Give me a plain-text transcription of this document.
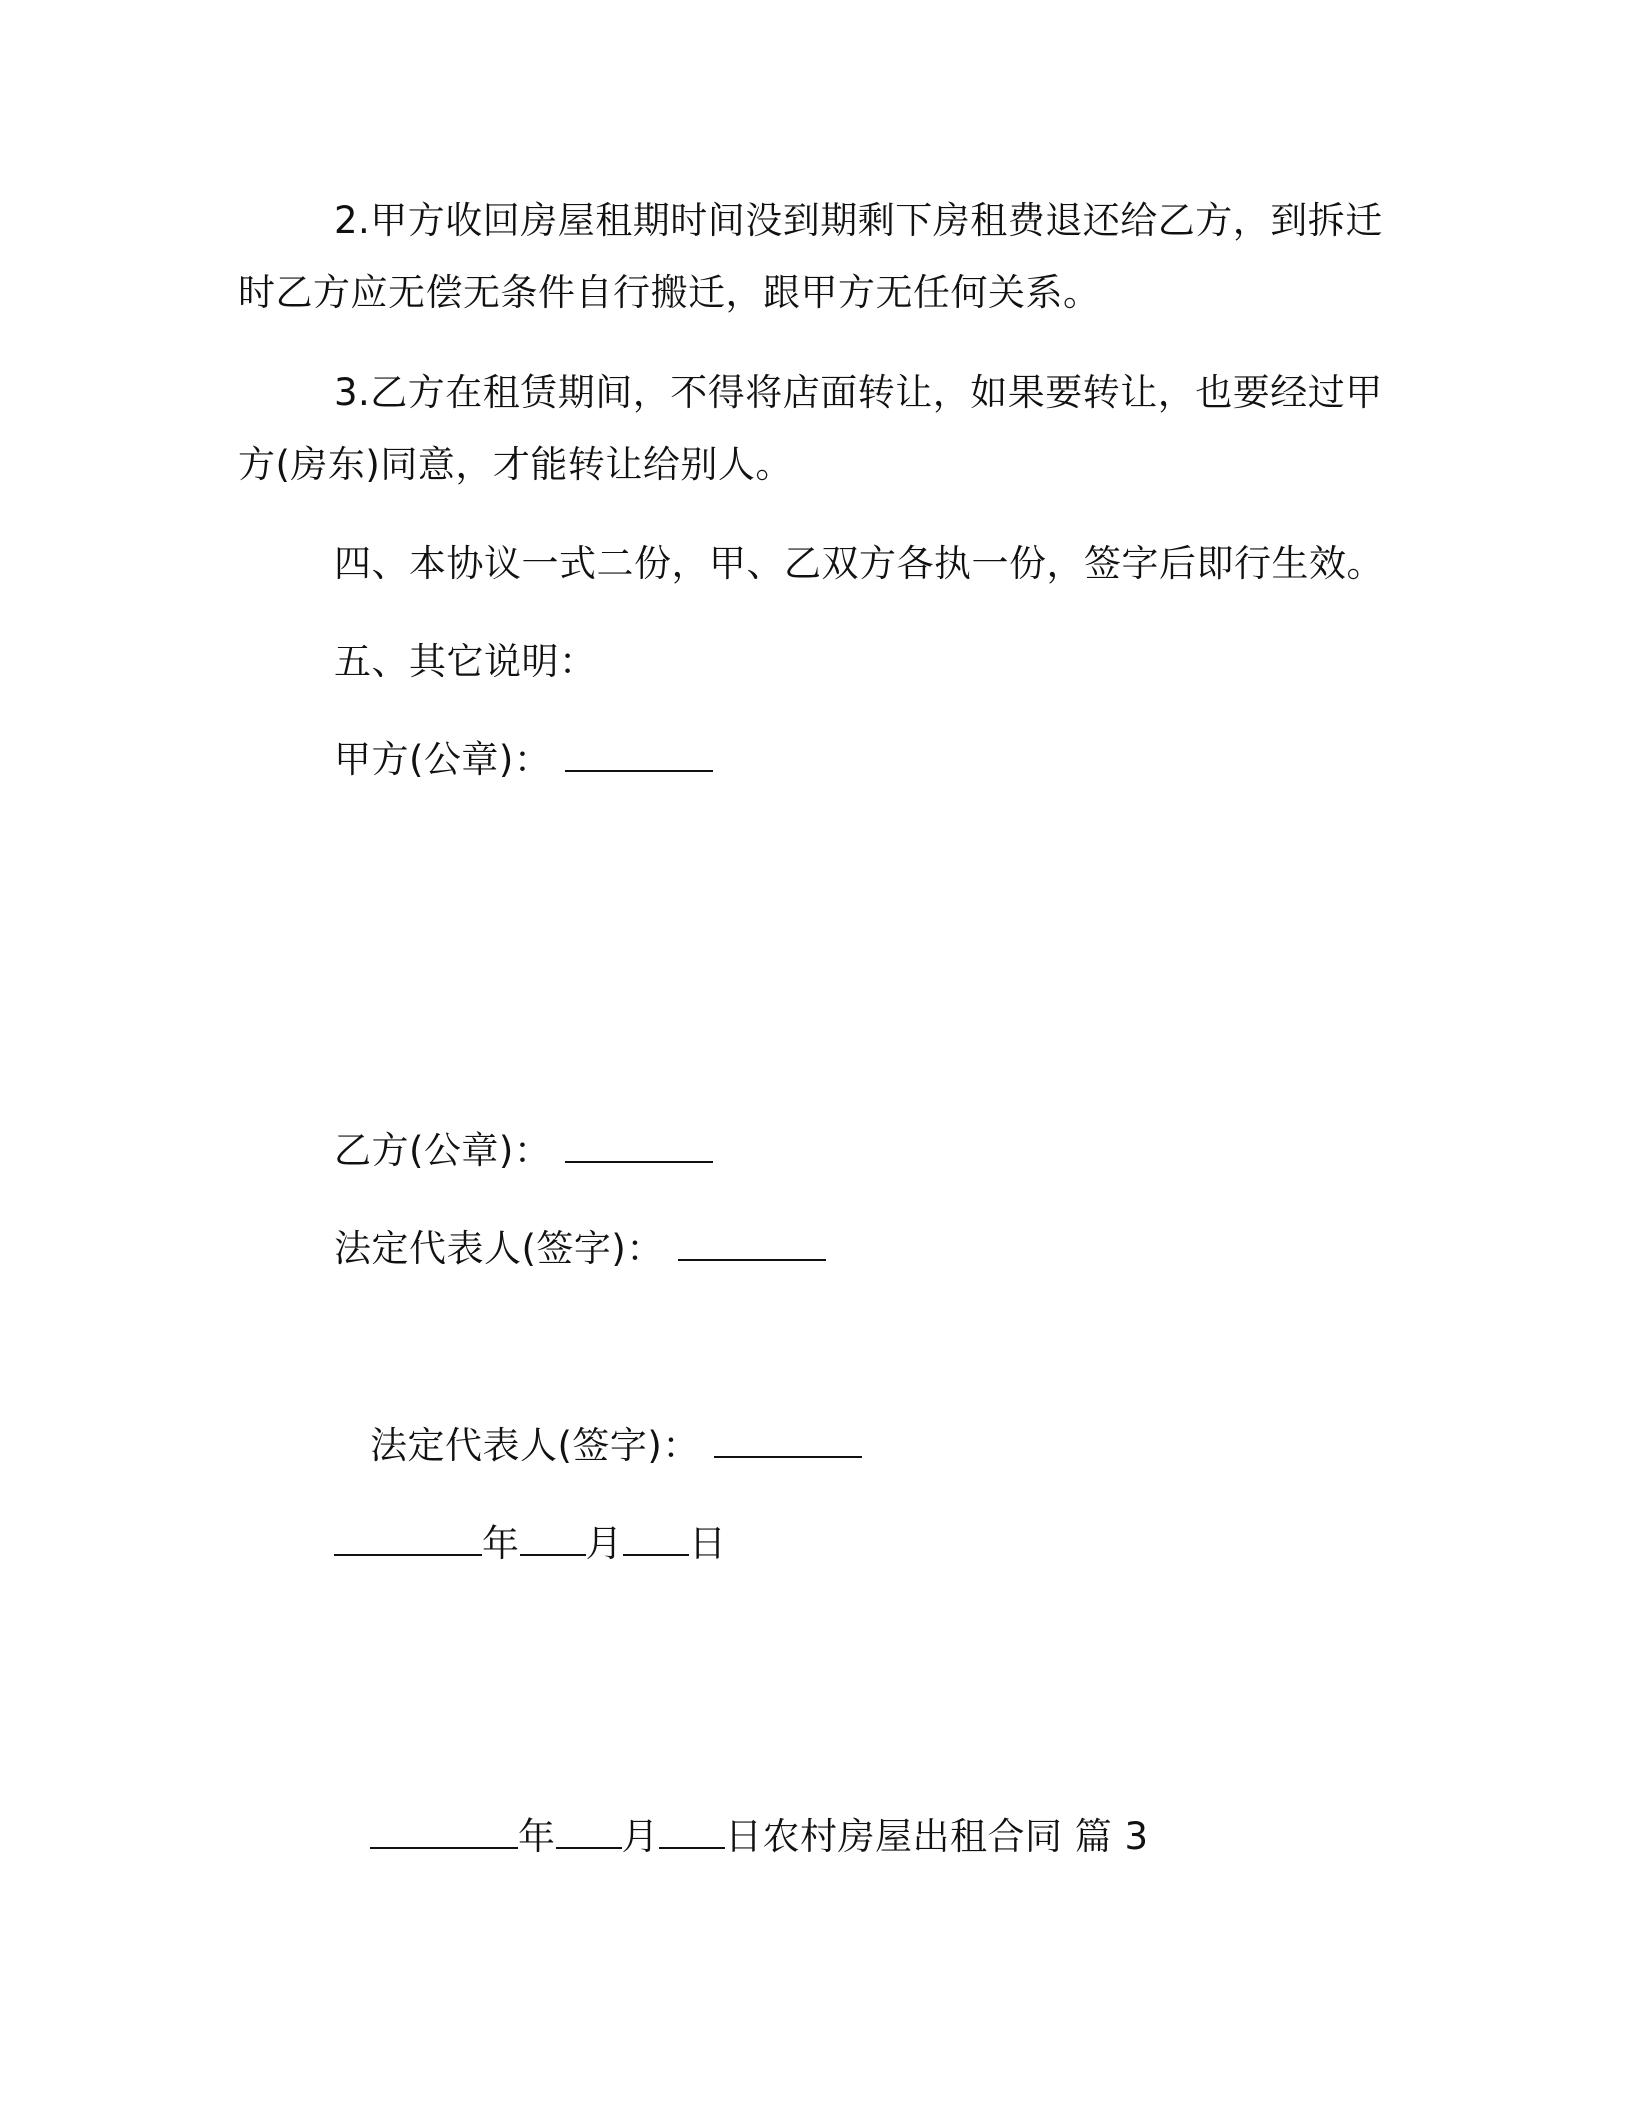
2.甲方收回房屋租期时间没到期剩下房租费退还给乙方，到拆迁
时乙方应无偿无条件自行搬迁，跟甲方无任何关系。
3.乙方在租赁期间，不得将店面转让，如果要转让，也要经过甲
方(房东)同意，才能转让给别人。
四、本协议一式二份，甲、乙双方各执一份，签字后即行生效。
五、其它说明：
甲方(公章)：
乙方(公章)：
法定代表人(签字)：
法定代表人(签字)：
年 月 日
年 月 日农村房屋出租合同 篇 3
